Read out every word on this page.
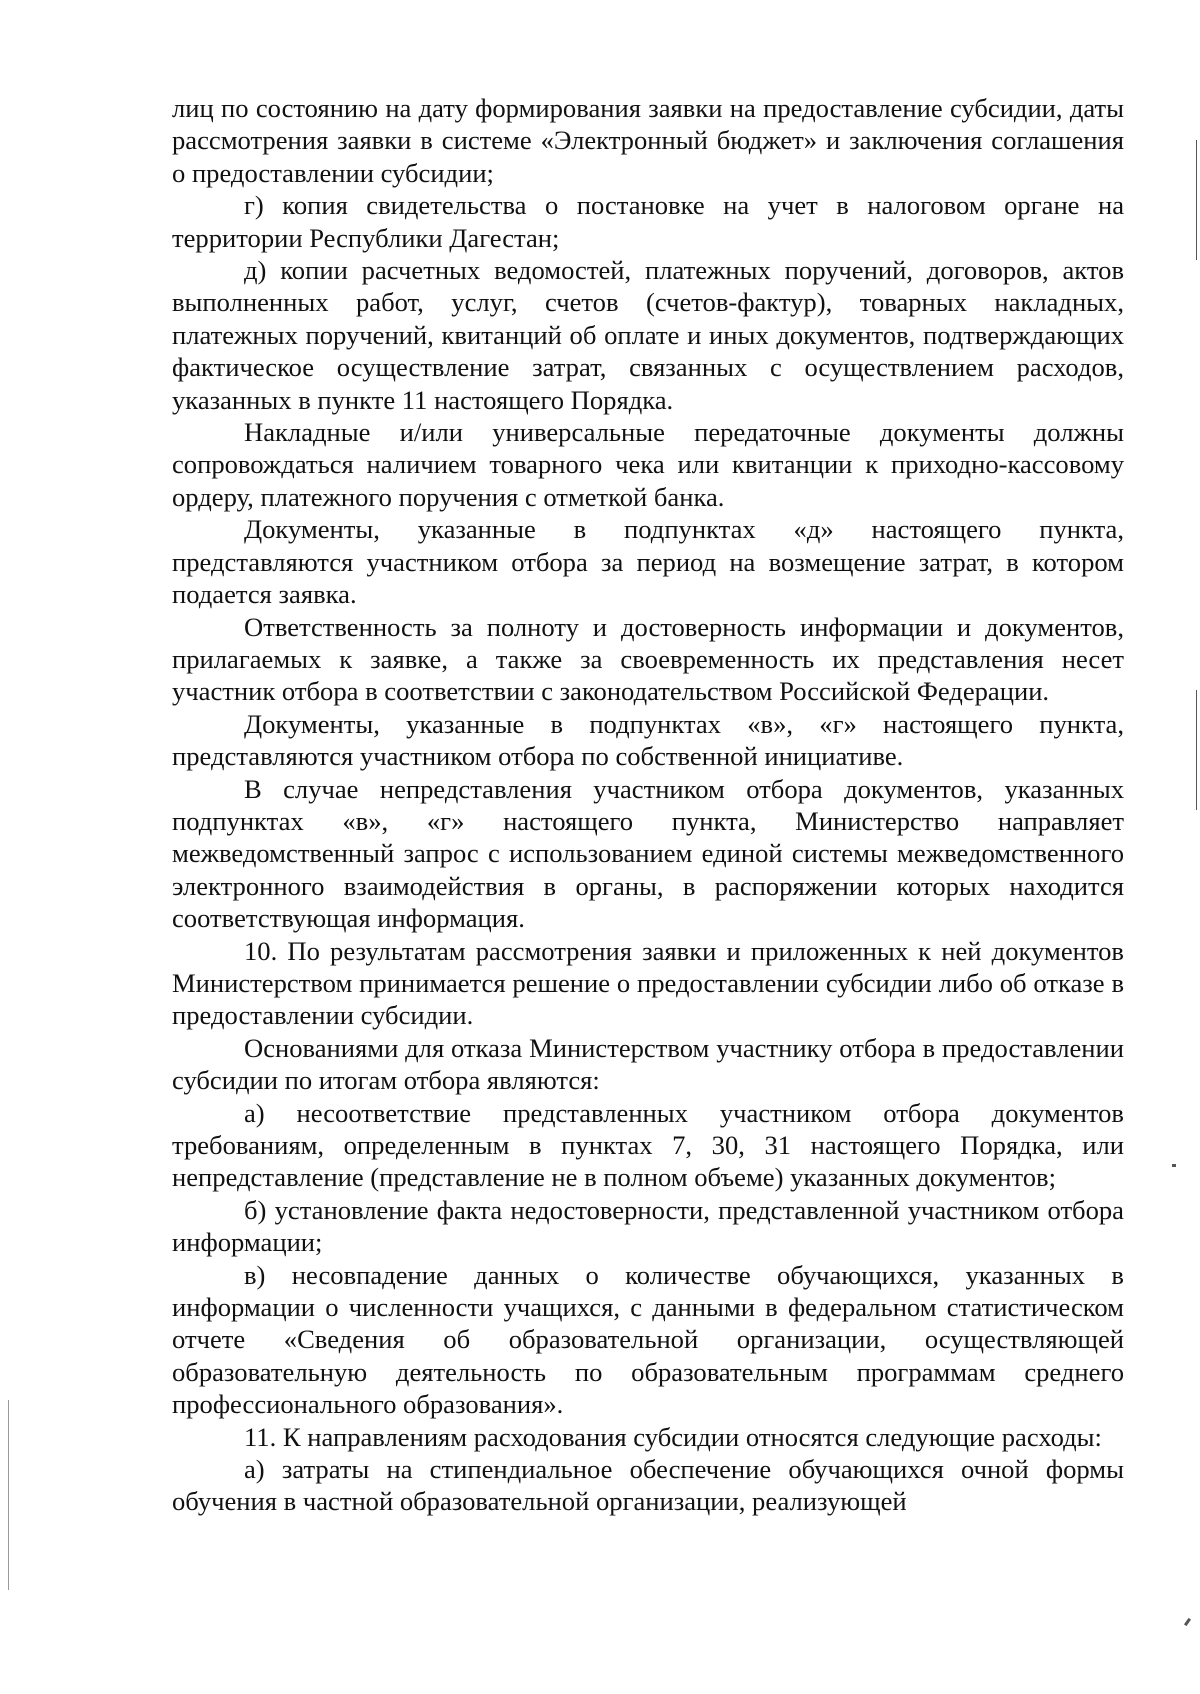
лиц по состоянию на дату формирования заявки на предоставление субсидии, даты рассмотрения заявки в системе «Электронный бюджет» и заключения соглашения о предоставлении субсидии;

г) копия свидетельства о постановке на учет в налоговом органе на территории Республики Дагестан;

д) копии расчетных ведомостей, платежных поручений, договоров, актов выполненных работ, услуг, счетов (счетов-фактур), товарных накладных, платежных поручений, квитанций об оплате и иных документов, подтверждающих фактическое осуществление затрат, связанных с осуществлением расходов, указанных в пункте 11 настоящего Порядка.

Накладные и/или универсальные передаточные документы должны сопровождаться наличием товарного чека или квитанции к приходно-кассовому ордеру, платежного поручения с отметкой банка.

Документы, указанные в подпунктах «д» настоящего пункта, представляются участником отбора за период на возмещение затрат, в котором подается заявка.

Ответственность за полноту и достоверность информации и документов, прилагаемых к заявке, а также за своевременность их представления несет участник отбора в соответствии с законодательством Российской Федерации.

Документы, указанные в подпунктах «в», «г» настоящего пункта, представляются участником отбора по собственной инициативе.

В случае непредставления участником отбора документов, указанных подпунктах «в», «г» настоящего пункта, Министерство направляет межведомственный запрос с использованием единой системы межведомственного электронного взаимодействия в органы, в распоряжении которых находится соответствующая информация.

10. По результатам рассмотрения заявки и приложенных к ней документов Министерством принимается решение о предоставлении субсидии либо об отказе в предоставлении субсидии.

Основаниями для отказа Министерством участнику отбора в предоставлении субсидии по итогам отбора являются:

а) несоответствие представленных участником отбора документов требованиям, определенным в пунктах 7, 30, 31 настоящего Порядка, или непредставление (представление не в полном объеме) указанных документов;

б) установление факта недостоверности, представленной участником отбора информации;

в) несовпадение данных о количестве обучающихся, указанных в информации о численности учащихся, с данными в федеральном статистическом отчете «Сведения об образовательной организации, осуществляющей образовательную деятельность по образовательным программам среднего профессионального образования».

11. К направлениям расходования субсидии относятся следующие расходы:

а) затраты на стипендиальное обеспечение обучающихся очной формы обучения в частной образовательной организации, реализующей
